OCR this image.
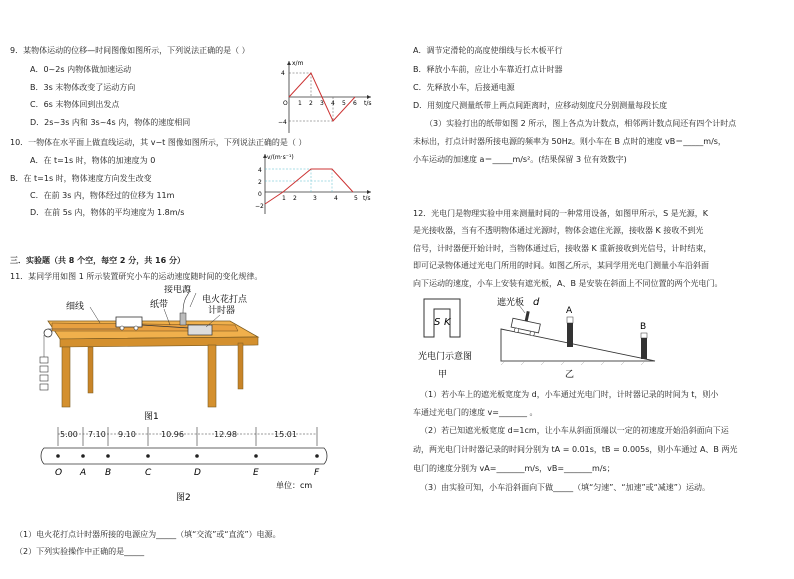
9．某物体运动的位移—时间图像如图所示，下列说法正确的是（ ）
A．0~2s 内物体做加速运动
B．3s 末物体改变了运动方向
C．6s 末物体回到出发点
D．2s~3s 内和 3s~4s 内，物体的速度相同
x/m
t/s
4
−4
O 1 2 3 4 5 6
10．一物体在水平面上做直线运动，其 v−t 图像如图所示，下列说法正确的是（ ）
A．在 t=1s 时，物体的加速度为 0
B．在 t=1s 时，物体速度方向发生改变
C．在前 3s 内，物体经过的位移为 11m
D．在前 5s 内，物体的平均速度为 1.8m/s
v/(m·s⁻¹)
t/s
4
2
0
−2
1 2	3	4	5
三．实验题（共 8 个空，每空 2 分，共 16 分）
11．某同学用如图 1 所示装置研究小车的运动速度随时间的变化规律。
细线	纸带
接电源
电火花打点
计时器
图1
5.00 7.10 9.10	10.96	12.98	15.01
O A B	C	D	E	F
单位：cm
图2
（1）电火花打点计时器所接的电源应为_____（填“交流”或“直流”）电源。
（2）下列实验操作中正确的是_____
A．调节定滑轮的高度使细线与长木板平行
B．释放小车前，应让小车靠近打点计时器
C．先释放小车，后接通电源
D．用刻度尺测量纸带上两点间距离时，应移动刻度尺分别测量每段长度
（3）实验打出的纸带如图 2 所示，图上各点为计数点，相邻两计数点间还有四个计时点
未标出，打点计时器所接电源的频率为 50Hz。则小车在 B 点时的速度 vB＝_____m/s，
小车运动的加速度 a＝_____m/s²。(结果保留 3 位有效数字)
12．光电门是物理实验中用来测量时间的一种常用设备，如图甲所示，S 是光源，K
是光接收器，当有不透明物体通过光源时，物体会遮住光源，接收器 K 接收不到光
信号，计时器便开始计时，当物体通过后，接收器 K 重新接收到光信号，计时结束，
即可记录物体通过光电门所用的时间。如图乙所示，某同学用光电门测量小车沿斜面
向下运动的速度，小车上安装有遮光板，A、B 是安装在斜面上不同位置的两个光电门。
S K
光电门示意图
甲
遮光板 d
A
B
乙
（1）若小车上的遮光板宽度为 d，小车通过光电门时，计时器记录的时间为 t，则小
车通过光电门的速度 v=_______ 。
（2）若已知遮光板宽度 d=1cm，让小车从斜面顶端以一定的初速度开始沿斜面向下运
动，两光电门计时器记录的时间分别为 tA = 0.01s，tB = 0.005s，则小车通过 A、B 两光
电门的速度分别为 vA=_______m/s，vB=_______m/s；
（3）由实验可知，小车沿斜面向下做_____（填“匀速”、“加速”或“减速”）运动。
